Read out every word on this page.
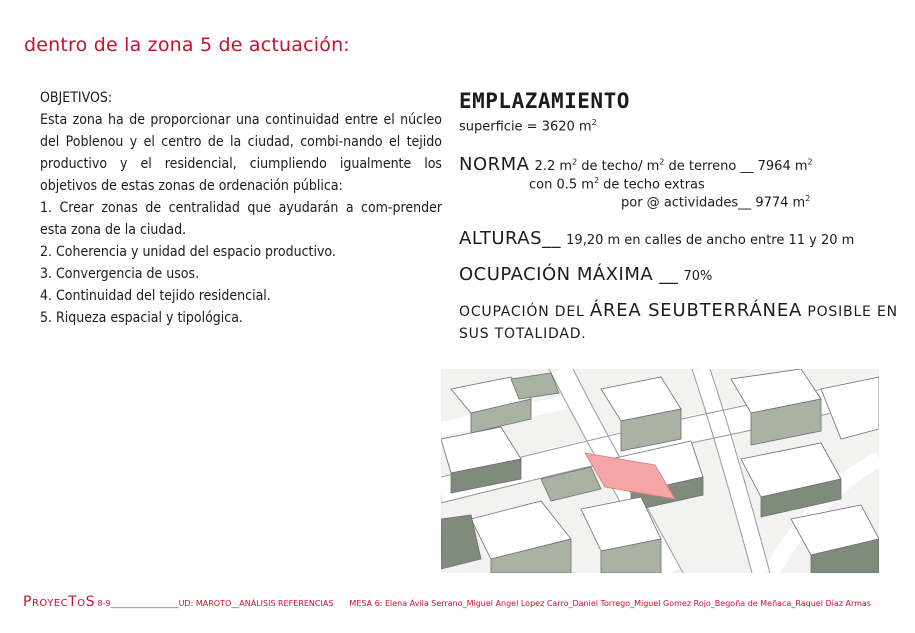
dentro de la zona 5 de actuación:

OBJETIVOS:

Esta zona ha de proporcionar una continuidad entre el núcleo del Poblenou y el centro de la ciudad, combi-nando el tejido productivo y el residencial, ciumpliendo igualmente los objetivos de estas zonas de ordenación pública:

1. Crear zonas de centralidad que ayudarán a com-prender esta zona de la ciudad.

2. Coherencia y unidad del espacio productivo.

3. Convergencia de usos.

4. Continuidad del tejido residencial.

5. Riqueza espacial y tipológica.

EMPLAZAMIENTO
superficie = 3620 $m^2$
NORMA 2.2 $m^2$ de techo/ $m^2$ de terreno __ 7964 $m^2$
con 0.5 $m^2$ de techo extras
por @ actividades__ 9774 $m^2$
ALTURAS__ 19,20 m en calles de ancho entre 11 y 20 m
OCUPACIÓN MÁXIMA __ 70%
OCUPACIÓN DEL ÁREA SEUBTERRÁNEA POSIBLE EN
SUS TOTALIDAD.
PROYECTOS 8-9_________________UD: MAROTO__ANÁLISIS REFERENCIAS MESA 6: Elena Ávila Serrano_Miguel Angel Lopez Carro_Daniel Torrego_Miguel Gomez Rojo_Begoña de Meñaca_Raquel Díaz Armas
